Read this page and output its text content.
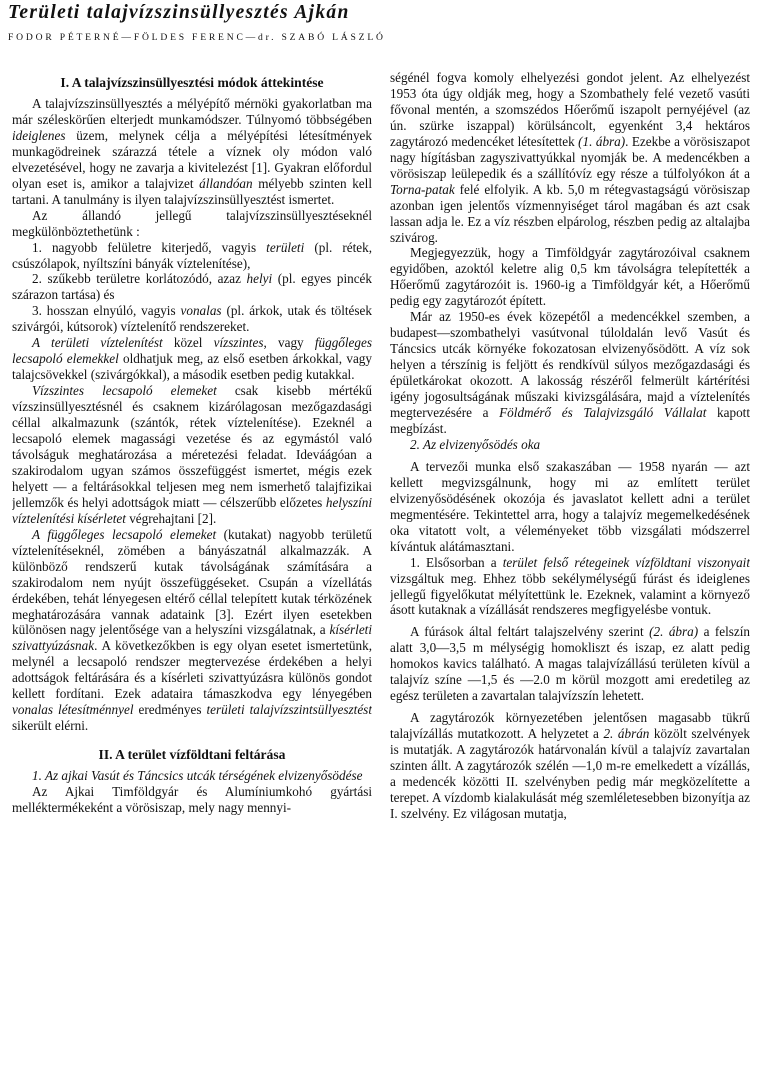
Területi talajvízszinsüllyesztés Ajkán
FODOR PÉTERNÉ—FÖLDES FERENC—dr. SZABÓ LÁSZLÓ
I. A talajvízszinsüllyesztési módok áttekintése

A talajvízszinsüllyesztés a mélyépítő mérnöki gyakorlatban ma már széleskörűen elterjedt munkamódszer. Túlnyomó többségében ideiglenes üzem, melynek célja a mélyépítési létesítmények munkagödreinek szárazzá tétele a víznek oly módon való elvezetésével, hogy ne zavarja a kivitelezést [1]. Gyakran előfordul olyan eset is, amikor a talajvizet állandóan mélyebb szinten kell tartani. A tanulmány is ilyen talajvízszinsüllyesztést ismertet.

Az állandó jellegű talajvízszinsüllyesztéseknél megkülönböztethetünk :

1. nagyobb felületre kiterjedő, vagyis területi (pl. rétek, csúszólapok, nyíltszíni bányák víztelenítése),

2. szűkebb területre korlátozódó, azaz helyi (pl. egyes pincék szárazon tartása) és

3. hosszan elnyúló, vagyis vonalas (pl. árkok, utak és töltések szivárgói, kútsorok) víztelenítő rendszereket.

A területi víztelenítést közel vízszintes, vagy függőleges lecsapoló elemekkel oldhatjuk meg, az első esetben árkokkal, vagy talajcsövekkel (szivárgókkal), a második esetben pedig kutakkal.

Vízszintes lecsapoló elemeket csak kisebb mértékű vízszinsüllyesztésnél és csaknem kizárólagosan mezőgazdasági céllal alkalmazunk (szántók, rétek víztelenítése). Ezeknél a lecsapoló elemek magassági vezetése és az egymástól való távolságuk meghatározása a méretezési feladat. Ideváágóan a szakirodalom ugyan számos összefüggést ismertet, mégis ezek helyett — a feltárásokkal teljesen meg nem ismerhető talajfizikai jellemzők és helyi adottságok miatt — célszerűbb előzetes helyszíni víztelenítési kísérletet végrehajtani [2].

A függőleges lecsapoló elemeket (kutakat) nagyobb területű víztelenítéseknél, zömében a bányászatnál alkalmazzák. A különböző rendszerű kutak távolságának számítására a szakirodalom nem nyújt összefüggéseket. Csupán a vízellátás érdekében, tehát lényegesen eltérő céllal telepített kutak térközének meghatározására vannak adataink [3]. Ezért ilyen esetekben különösen nagy jelentősége van a helyszíni vizsgálatnak, a kísérleti szivattyúzásnak. A következőkben is egy olyan esetet ismertetünk, melynél a lecsapoló rendszer megtervezése érdekében a helyi adottságok feltárására és a kísérleti szivattyúzásra különös gondot kellett fordítani. Ezek adataira támaszkodva egy lényegében vonalas létesítménnyel eredményes területi talajvízszintsüllyesztést sikerült elérni.

II. A terület vízföldtani feltárása
1. Az ajkai Vasút és Táncsics utcák térségének elvizenyősödése

Az Ajkai Timföldgyár és Alumíniumkohó gyártási melléktermékeként a vörösiszap, mely nagy mennyi-

ségénél fogva komoly elhelyezési gondot jelent. Az elhelyezést 1953 óta úgy oldják meg, hogy a Szombathely felé vezető vasúti fővonal mentén, a szomszédos Hőerőmű iszapolt pernyéjével (az ún. szürke iszappal) körülsáncolt, egyenként 3,4 hektáros zagytározó medencéket létesítettek (1. ábra). Ezekbe a vörösiszapot nagy hígításban zagyszivattyúkkal nyomják be. A medencékben a vörösiszap leülepedik és a szállítóvíz egy része a túlfolyókon át a Torna-patak felé elfolyik. A kb. 5,0 m rétegvastagságú vörösiszap azonban igen jelentős vízmennyiséget tárol magában és azt csak lassan adja le. Ez a víz részben elpárolog, részben pedig az altalajba szivárog.

Megjegyezzük, hogy a Timföldgyár zagytározóival csaknem egyidőben, azoktól keletre alig 0,5 km távolságra telepítették a Hőerőmű zagytározóit is. 1960-ig a Timföldgyár két, a Hőerőmű pedig egy zagytározót épített.

Már az 1950-es évek közepétől a medencékkel szemben, a budapest—szombathelyi vasútvonal túloldalán levő Vasút és Táncsics utcák környéke fokozatosan elvizenyősödött. A víz sok helyen a térszínig is feljött és rendkívül súlyos mezőgazdasági és épületkárokat okozott. A lakosság részéről felmerült kártérítési igény jogosultságának műszaki kivizsgálására, majd a víztelenítés megtervezésére a Földmérő és Talajvizsgáló Vállalat kapott megbízást.

2. Az elvizenyősödés oka

A tervezői munka első szakaszában — 1958 nyarán — azt kellett megvizsgálnunk, hogy mi az említett terület elvizenyősödésének okozója és javaslatot kellett adni a terület megmentésére. Tekintettel arra, hogy a talajvíz megemelkedésének oka vitatott volt, a véleményeket több vizsgálati módszerrel kívántuk alátámasztani.

1. Elsősorban a terület felső rétegeinek vízföldtani viszonyait vizsgáltuk meg. Ehhez több sekélymélységű fúrást és ideiglenes jellegű figyelőkutat mélyítettünk le. Ezeknek, valamint a környező ásott kutaknak a vízállását rendszeres megfigyelésbe vontuk.

A fúrások által feltárt talajszelvény szerint (2. ábra) a felszín alatt 3,0—3,5 m mélységig homokliszt és iszap, ez alatt pedig homokos kavics található. A magas talajvízállású területen kívül a talajvíz színe —1,5 és —2.0 m körül mozgott ami eredetileg az egész területen a zavartalan talajvízszín lehetett.

A zagytározók környezetében jelentősen magasabb tükrű talajvízállás mutatkozott. A helyzetet a 2. ábrán közölt szelvények is mutatják. A zagytározók határvonalán kívül a talajvíz zavartalan szinten állt. A zagytározók szélén —1,0 m-re emelkedett a vízállás, a medencék közötti II. szelvényben pedig már megközelítette a terepet. A vízdomb kialakulását még szemléletesebben bizonyítja az I. szelvény. Ez világosan mutatja,
